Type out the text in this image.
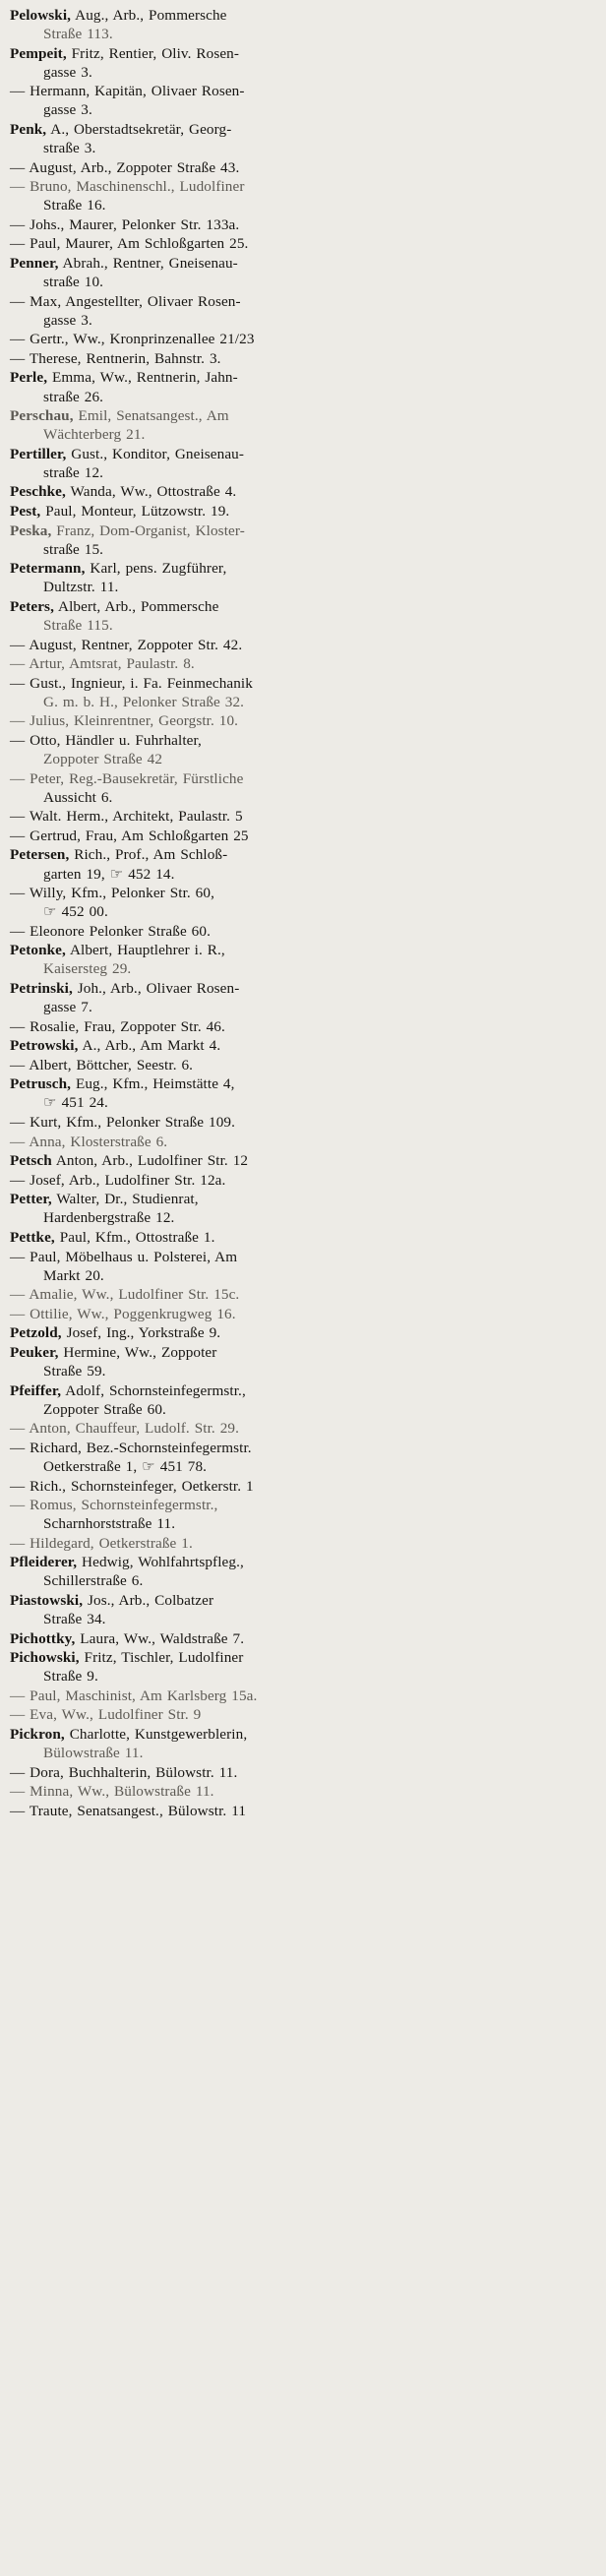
Pelowski, Aug., Arb., Pommersche
Straße 113.
Pempeit, Fritz, Rentier, Oliv. Rosen-
gasse 3.
— Hermann, Kapitän, Olivaer Rosen-
gasse 3.
Penk, A., Oberstadtsekretär, Georg-
straße 3.
— August, Arb., Zoppoter Straße 43.
— Bruno, Maschinenschl., Ludolfiner
Straße 16.
— Johs., Maurer, Pelonker Str. 133a.
— Paul, Maurer, Am Schloßgarten 25.
Penner, Abrah., Rentner, Gneisenau-
straße 10.
— Max, Angestellter, Olivaer Rosen-
gasse 3.
— Gertr., Ww., Kronprinzenallee 21/23
— Therese, Rentnerin, Bahnstr. 3.
Perle, Emma, Ww., Rentnerin, Jahn-
straße 26.
Perschau, Emil, Senatsangest., Am
Wächterberg 21.
Pertiller, Gust., Konditor, Gneisenau-
straße 12.
Peschke, Wanda, Ww., Ottostraße 4.
Pest, Paul, Monteur, Lützowstr. 19.
Peska, Franz, Dom-Organist, Kloster-
straße 15.
Petermann, Karl, pens. Zugführer,
Dultzstr. 11.
Peters, Albert, Arb., Pommersche
Straße 115.
— August, Rentner, Zoppoter Str. 42.
— Artur, Amtsrat, Paulastr. 8.
— Gust., Ingnieur, i. Fa. Feinmechanik
G. m. b. H., Pelonker Straße 32.
— Julius, Kleinrentner, Georgstr. 10.
— Otto, Händler u. Fuhrhalter,
Zoppoter Straße 42
— Peter, Reg.-Bausekretär, Fürstliche
Aussicht 6.
— Walt. Herm., Architekt, Paulastr. 5
— Gertrud, Frau, Am Schloßgarten 25
Petersen, Rich., Prof., Am Schloß-
garten 19, ☞ 452 14.
— Willy, Kfm., Pelonker Str. 60,
☞ 452 00.
— Eleonore Pelonker Straße 60.
Petonke, Albert, Hauptlehrer i. R.,
Kaisersteg 29.
Petrinski, Joh., Arb., Olivaer Rosen-
gasse 7.
— Rosalie, Frau, Zoppoter Str. 46.
Petrowski, A., Arb., Am Markt 4.
— Albert, Böttcher, Seestr. 6.
Petrusch, Eug., Kfm., Heimstätte 4,
☞ 451 24.
— Kurt, Kfm., Pelonker Straße 109.
— Anna, Klosterstraße 6.
Petsch Anton, Arb., Ludolfiner Str. 12
— Josef, Arb., Ludolfiner Str. 12a.
Petter, Walter, Dr., Studienrat,
Hardenbergstraße 12.
Pettke, Paul, Kfm., Ottostraße 1.
— Paul, Möbelhaus u. Polsterei, Am
Markt 20.
— Amalie, Ww., Ludolfiner Str. 15c.
— Ottilie, Ww., Poggenkrugweg 16.
Petzold, Josef, Ing., Yorkstraße 9.
Peuker, Hermine, Ww., Zoppoter
Straße 59.
Pfeiffer, Adolf, Schornsteinfegermstr.,
Zoppoter Straße 60.
— Anton, Chauffeur, Ludolf. Str. 29.
— Richard, Bez.-Schornsteinfegermstr.
Oetkerstraße 1, ☞ 451 78.
— Rich., Schornsteinfeger, Oetkerstr. 1
— Romus, Schornsteinfegermstr.,
Scharnhorststraße 11.
— Hildegard, Oetkerstraße 1.
Pfleiderer, Hedwig, Wohlfahrtspfleg.,
Schillerstraße 6.
Piastowski, Jos., Arb., Colbatzer
Straße 34.
Pichottky, Laura, Ww., Waldstraße 7.
Pichowski, Fritz, Tischler, Ludolfiner
Straße 9.
— Paul, Maschinist, Am Karlsberg 15a.
— Eva, Ww., Ludolfiner Str. 9
Pickron, Charlotte, Kunstgewerblerin,
Bülowstraße 11.
— Dora, Buchhalterin, Bülowstr. 11.
— Minna, Ww., Bülowstraße 11.
— Traute, Senatsangest., Bülowstr. 11
